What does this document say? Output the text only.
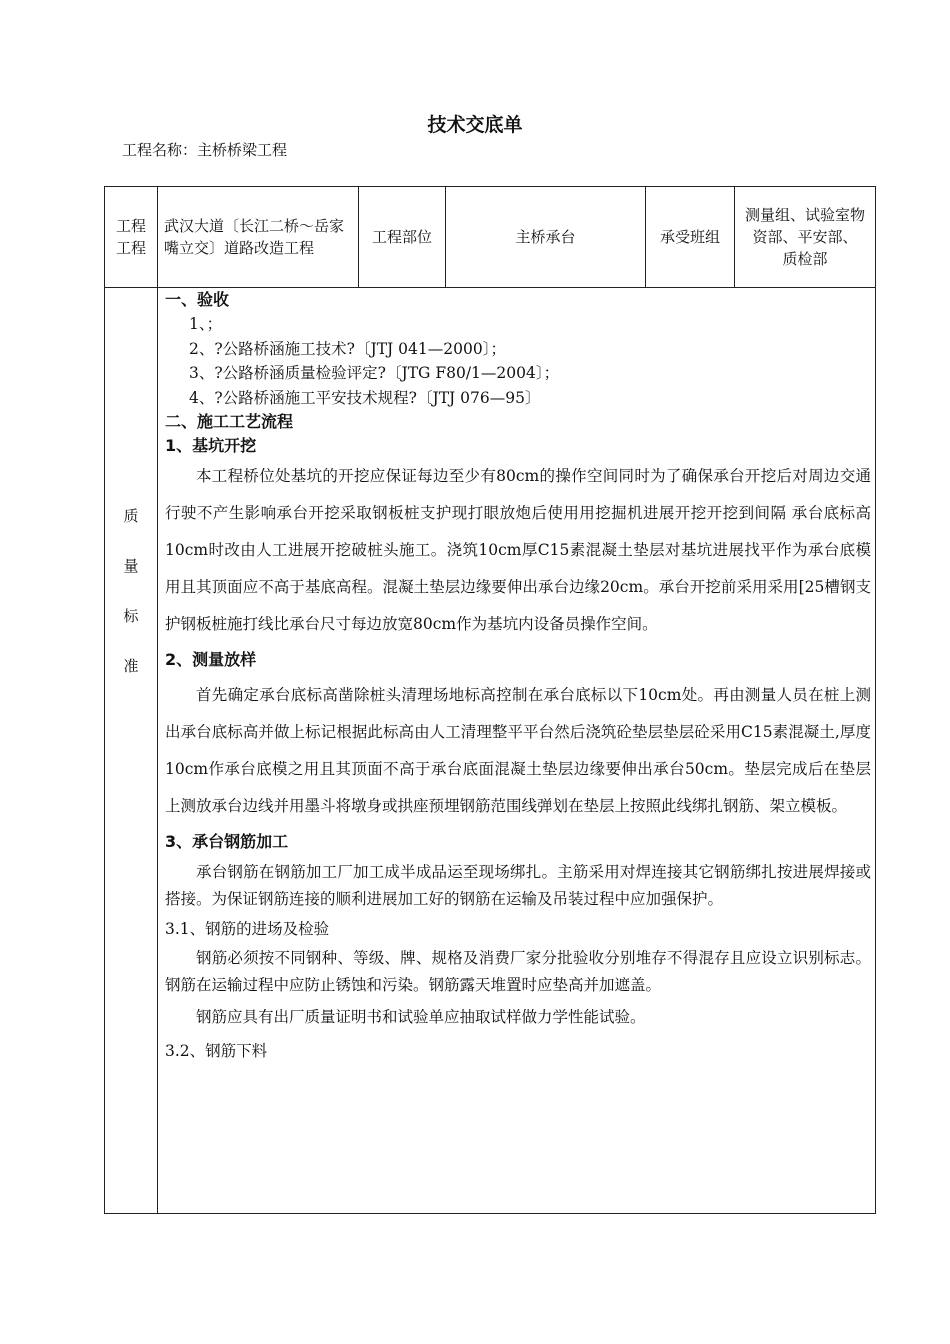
技术交底单
工程名称：主桥桥梁工程
工程
工程
武汉大道〔长江二桥～岳家嘴立交〕道路改造工程
工程部位	主桥承台	承受班组
测量组、试验室物资部、平安部、
质检部
质
量
标
准
一、验收
1、；
2、?公路桥涵施工技术?〔JTJ 041—2000〕；
3、?公路桥涵质量检验评定?〔JTG F80/1—2004〕；
4、?公路桥涵施工平安技术规程?〔JTJ 076—95〕
二、施工工艺流程
1、基坑开挖

本工程桥位处基坑的开挖应保证每边至少有80cm的操作空间同时为了确保承台开挖后对周边交通行驶不产生影响承台开挖采取钢板桩支护现打眼放炮后使用用挖掘机进展开挖开挖到间隔 承台底标高10cm时改由人工进展开挖破桩头施工。浇筑10cm厚C15素混凝土垫层对基坑进展找平作为承台底模用且其顶面应不高于基底高程。混凝土垫层边缘要伸出承台边缘20cm。承台开挖前采用采用[25槽钢支护钢板桩施打线比承台尺寸每边放宽80cm作为基坑内设备员操作空间。

2、测量放样

首先确定承台底标高凿除桩头清理场地标高控制在承台底标以下10cm处。再由测量人员在桩上测出承台底标高并做上标记根据此标高由人工清理整平平台然后浇筑砼垫层垫层砼采用C15素混凝土,厚度10cm作承台底模之用且其顶面不高于承台底面混凝土垫层边缘要伸出承台50cm。垫层完成后在垫层上测放承台边线并用墨斗将墩身或拱座预埋钢筋范围线弹划在垫层上按照此线绑扎钢筋、架立模板。

3、承台钢筋加工

承台钢筋在钢筋加工厂加工成半成品运至现场绑扎。主筋采用对焊连接其它钢筋绑扎按进展焊接或搭接。为保证钢筋连接的顺利进展加工好的钢筋在运输及吊装过程中应加强保护。

3.1、钢筋的进场及检验

钢筋必须按不同钢种、等级、牌、规格及消费厂家分批验收分别堆存不得混存且应设立识别标志。钢筋在运输过程中应防止锈蚀和污染。钢筋露天堆置时应垫高并加遮盖。

钢筋应具有出厂质量证明书和试验单应抽取试样做力学性能试验。

3.2、钢筋下料
